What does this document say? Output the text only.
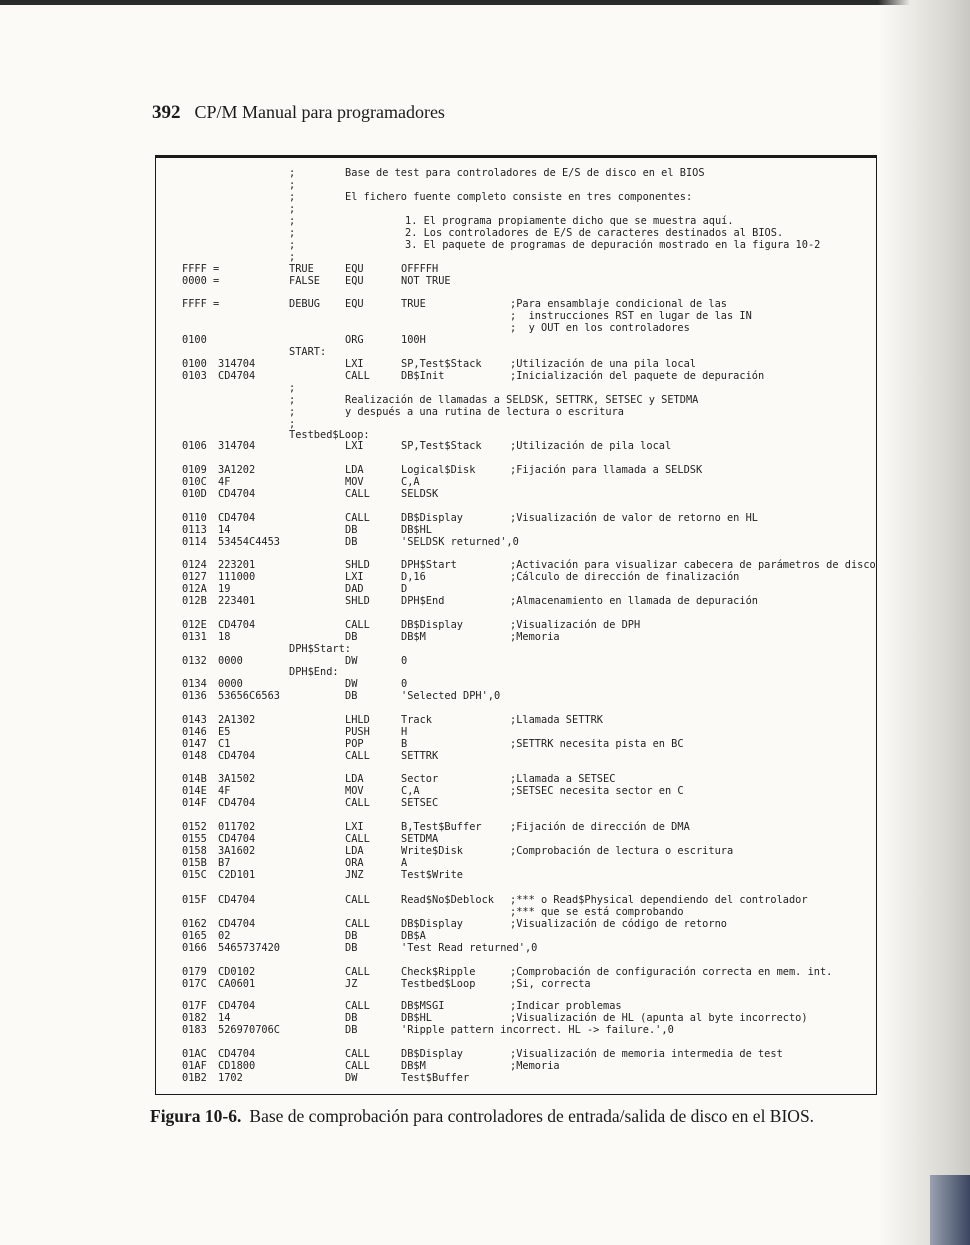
392 CP/M Manual para programadores
;	Base de test para controladores de E/S de disco en el BIOS
;
;	El fichero fuente completo consiste en tres componentes:
;
;	1. El programa propiamente dicho que se muestra aquí.
;	2. Los controladores de E/S de caracteres destinados al BIOS.
;	3. El paquete de programas de depuración mostrado en la figura 10-2
;
FFFF =	TRUE	EQU	OFFFFH
0000 =	FALSE EQU	NOT TRUE
FFFF =	DEBUG EQU	TRUE	;Para ensamblaje condicional de las
;  instrucciones RST en lugar de las IN
;  y OUT en los controladores
0100	ORG	100H
START:
0100 314704	LXI	SP,Test$Stack	;Utilización de una pila local
0103 CD4704	CALL	DB$Init	;Inicialización del paquete de depuración
;
;	Realización de llamadas a SELDSK, SETTRK, SETSEC y SETDMA
;	y después a una rutina de lectura o escritura
;
Testbed$Loop:
0106 314704	LXI	SP,Test$Stack	;Utilización de pila local
0109 3A1202	LDA	Logical$Disk	;Fijación para llamada a SELDSK
010C 4F	MOV	C,A
010D CD4704	CALL	SELDSK
0110 CD4704	CALL	DB$Display	;Visualización de valor de retorno en HL
0113 14	DB	DB$HL
0114 53454C4453	DB	'SELDSK returned',0
0124 223201	SHLD	DPH$Start	;Activación para visualizar cabecera de parámetros de disco
0127 111000	LXI	D,16	;Cálculo de dirección de finalización
012A 19	DAD	D
012B 223401	SHLD	DPH$End	;Almacenamiento en llamada de depuración
012E CD4704	CALL	DB$Display	;Visualización de DPH
0131 18	DB	DB$M	;Memoria
DPH$Start:
0132 0000	DW	0
DPH$End:
0134 0000	DW	0
0136 53656C6563	DB	'Selected DPH',0
0143 2A1302	LHLD	Track	;Llamada SETTRK
0146 E5	PUSH	H
0147 C1	POP	B	;SETTRK necesita pista en BC
0148 CD4704	CALL	SETTRK
014B 3A1502	LDA	Sector	;Llamada a SETSEC
014E 4F	MOV	C,A	;SETSEC necesita sector en C
014F CD4704	CALL	SETSEC
0152 011702	LXI	B,Test$Buffer	;Fijación de dirección de DMA
0155 CD4704	CALL	SETDMA
0158 3A1602	LDA	Write$Disk	;Comprobación de lectura o escritura
015B B7	ORA	A
015C C2D101	JNZ	Test$Write
015F CD4704	CALL	Read$No$Deblock ;*** o Read$Physical dependiendo del controlador
;*** que se está comprobando
0162 CD4704	CALL	DB$Display	;Visualización de código de retorno
0165 02	DB	DB$A
0166 5465737420	DB	'Test Read returned',0
0179 CD0102	CALL	Check$Ripple	;Comprobación de configuración correcta en mem. int.
017C CA0601	JZ	Testbed$Loop	;Si, correcta
017F CD4704	CALL	DB$MSGI	;Indicar problemas
0182 14	DB	DB$HL	;Visualización de HL (apunta al byte incorrecto)
0183 526970706C	DB	'Ripple pattern incorrect. HL -> failure.',0
01AC CD4704	CALL	DB$Display	;Visualización de memoria intermedia de test
01AF CD1800	CALL	DB$M	;Memoria
01B2 1702	DW	Test$Buffer
Figura 10-6. Base de comprobación para controladores de entrada/salida de disco en el BIOS.
